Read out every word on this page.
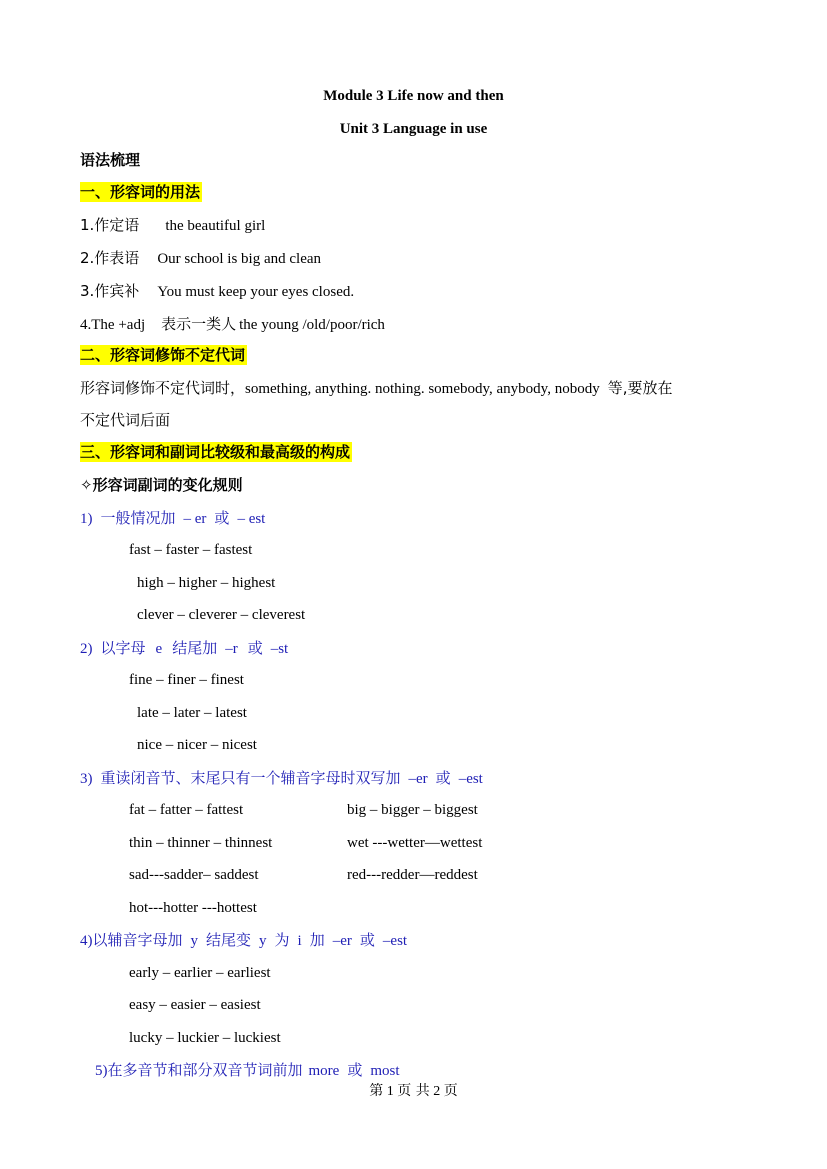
Module 3 Life now and then
Unit 3 Language in use
语法梳理
一、形容词的用法
1.作定语 the beautiful girl
2.作表语 Our school is big and clean
3.作宾补 You must keep your eyes closed.
4.The +adj 表示一类人 the young /old/poor/rich
二、形容词修饰不定代词
形容词修饰不定代词时，something, anything. nothing. somebody, anybody, nobody 等,要放在
不定代词后面
三、形容词和副词比较级和最高级的构成
✧形容词副词的变化规则
1) 一般情况加 – er 或 – est
fast – faster – fastest
high – higher – highest
clever – cleverer – cleverest
2) 以字母 e 结尾加 –r 或 –st
fine – finer – finest
late – later – latest
nice – nicer – nicest
3) 重读闭音节、末尾只有一个辅音字母时双写加 –er 或 –est
fat – fatter – fattest	big – bigger – biggest
thin – thinner – thinnest	wet ---wetter—wettest
sad---sadder– saddest	red---redder—reddest
hot---hotter ---hottest
4)以辅音字母加 y 结尾变 y 为 i 加 –er 或 –est
early – earlier – earliest
easy – easier – easiest
lucky – luckier – luckiest
5)在多音节和部分双音节词前加 more 或 most
第 1 页 共 2 页
